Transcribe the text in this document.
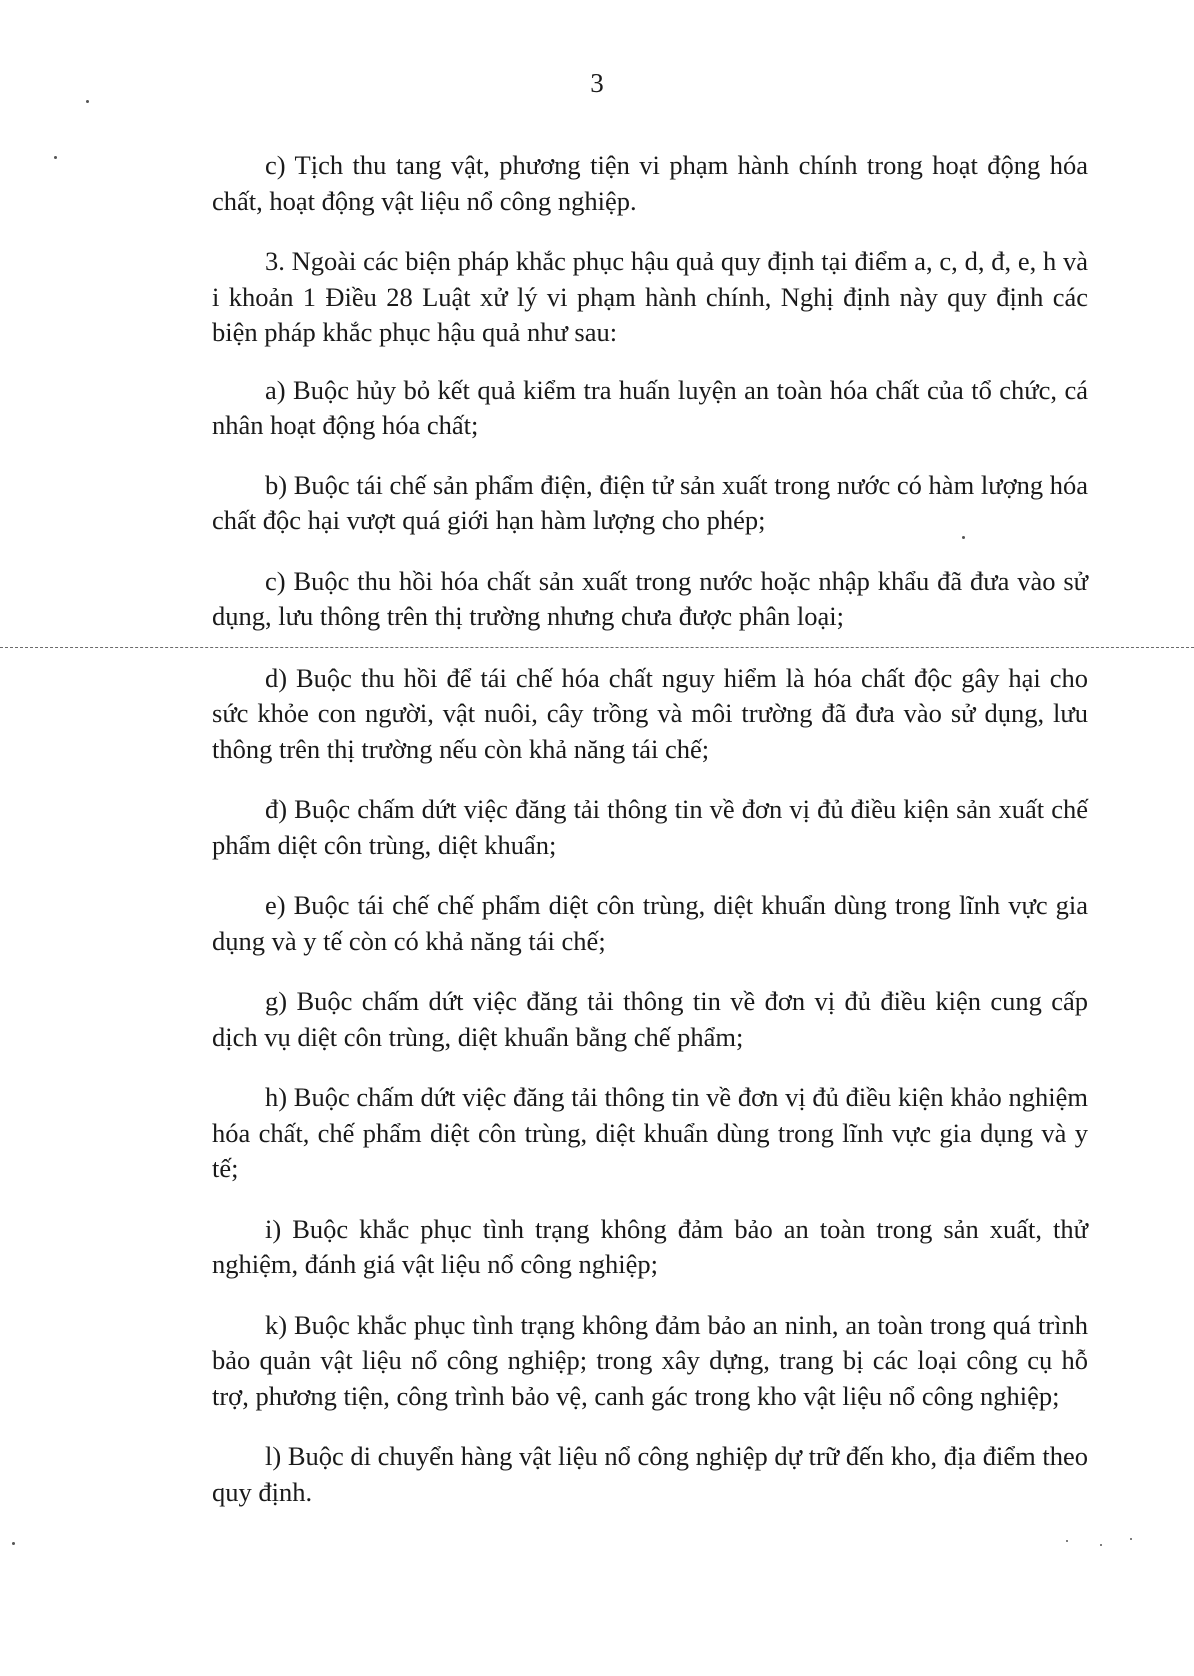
3

c) Tịch thu tang vật, phương tiện vi phạm hành chính trong hoạt động hóa chất, hoạt động vật liệu nổ công nghiệp.

3. Ngoài các biện pháp khắc phục hậu quả quy định tại điểm a, c, d, đ, e, h và i khoản 1 Điều 28 Luật xử lý vi phạm hành chính, Nghị định này quy định các biện pháp khắc phục hậu quả như sau:

a) Buộc hủy bỏ kết quả kiểm tra huấn luyện an toàn hóa chất của tổ chức, cá nhân hoạt động hóa chất;

b) Buộc tái chế sản phẩm điện, điện tử sản xuất trong nước có hàm lượng hóa chất độc hại vượt quá giới hạn hàm lượng cho phép;

c) Buộc thu hồi hóa chất sản xuất trong nước hoặc nhập khẩu đã đưa vào sử dụng, lưu thông trên thị trường nhưng chưa được phân loại;

d) Buộc thu hồi để tái chế hóa chất nguy hiểm là hóa chất độc gây hại cho sức khỏe con người, vật nuôi, cây trồng và môi trường đã đưa vào sử dụng, lưu thông trên thị trường nếu còn khả năng tái chế;

đ) Buộc chấm dứt việc đăng tải thông tin về đơn vị đủ điều kiện sản xuất chế phẩm diệt côn trùng, diệt khuẩn;

e) Buộc tái chế chế phẩm diệt côn trùng, diệt khuẩn dùng trong lĩnh vực gia dụng và y tế còn có khả năng tái chế;

g) Buộc chấm dứt việc đăng tải thông tin về đơn vị đủ điều kiện cung cấp dịch vụ diệt côn trùng, diệt khuẩn bằng chế phẩm;

h) Buộc chấm dứt việc đăng tải thông tin về đơn vị đủ điều kiện khảo nghiệm hóa chất, chế phẩm diệt côn trùng, diệt khuẩn dùng trong lĩnh vực gia dụng và y tế;

i) Buộc khắc phục tình trạng không đảm bảo an toàn trong sản xuất, thử nghiệm, đánh giá vật liệu nổ công nghiệp;

k) Buộc khắc phục tình trạng không đảm bảo an ninh, an toàn trong quá trình bảo quản vật liệu nổ công nghiệp; trong xây dựng, trang bị các loại công cụ hỗ trợ, phương tiện, công trình bảo vệ, canh gác trong kho vật liệu nổ công nghiệp;

l) Buộc di chuyển hàng vật liệu nổ công nghiệp dự trữ đến kho, địa điểm theo quy định.
